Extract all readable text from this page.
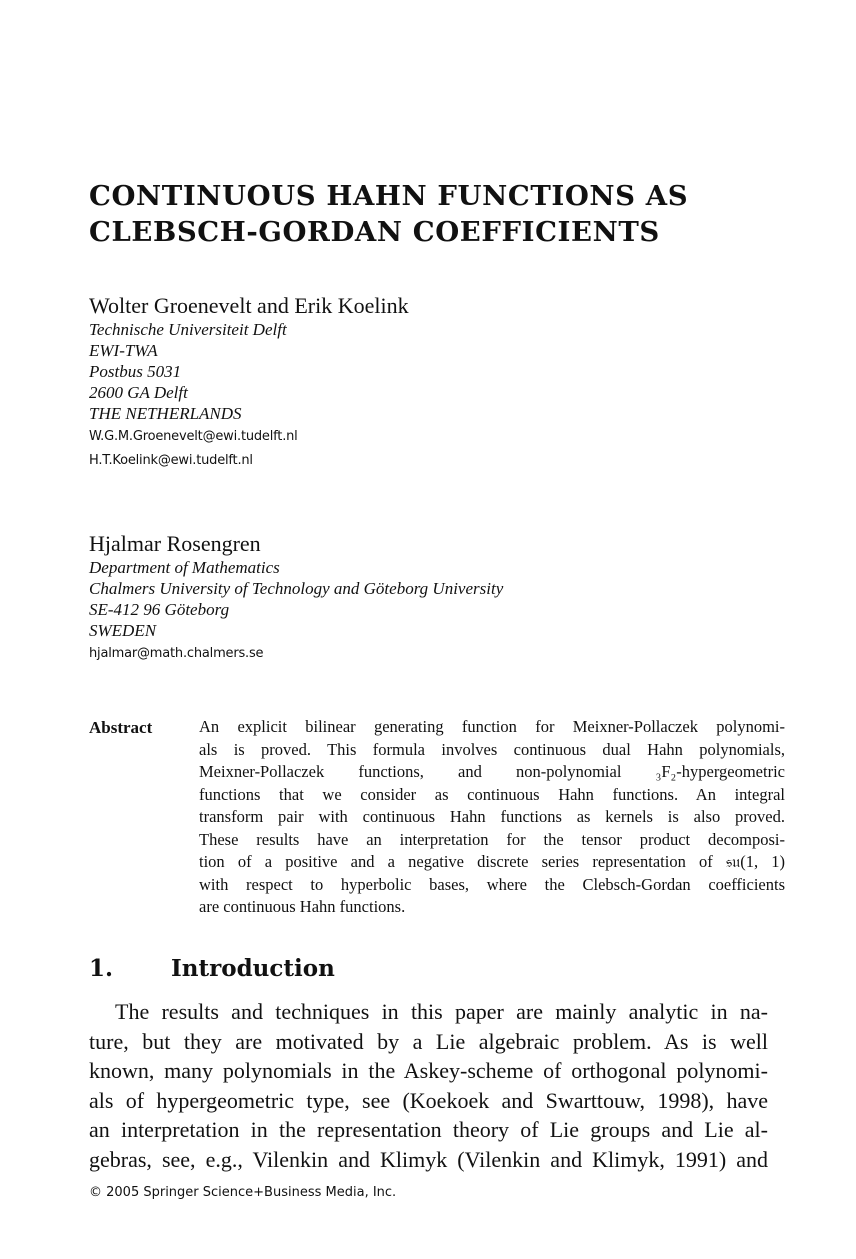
CONTINUOUS HAHN FUNCTIONS AS
CLEBSCH-GORDAN COEFFICIENTS
Wolter Groenevelt and Erik Koelink
Technische Universiteit Delft
EWI-TWA
Postbus 5031
2600 GA Delft
THE NETHERLANDS
W.G.M.Groenevelt@ewi.tudelft.nl
H.T.Koelink@ewi.tudelft.nl
Hjalmar Rosengren
Department of Mathematics
Chalmers University of Technology and Göteborg University
SE-412 96 Göteborg
SWEDEN
hjalmar@math.chalmers.se
Abstract	An explicit bilinear generating function for Meixner-Pollaczek polynomi-
als is proved. This formula involves continuous dual Hahn polynomials,
Meixner-Pollaczek functions, and non-polynomial ₃F₂-hypergeometric
functions that we consider as continuous Hahn functions. An integral
transform pair with continuous Hahn functions as kernels is also proved.
These results have an interpretation for the tensor product decomposi-
tion of a positive and a negative discrete series representation of 𝔰𝔲(1, 1)
with respect to hyperbolic bases, where the Clebsch-Gordan coefficients
are continuous Hahn functions.
1.	Introduction
The results and techniques in this paper are mainly analytic in na-
ture, but they are motivated by a Lie algebraic problem. As is well
known, many polynomials in the Askey-scheme of orthogonal polynomi-
als of hypergeometric type, see (Koekoek and Swarttouw, 1998), have
an interpretation in the representation theory of Lie groups and Lie al-
gebras, see, e.g., Vilenkin and Klimyk (Vilenkin and Klimyk, 1991) and
© 2005 Springer Science+Business Media, Inc.
